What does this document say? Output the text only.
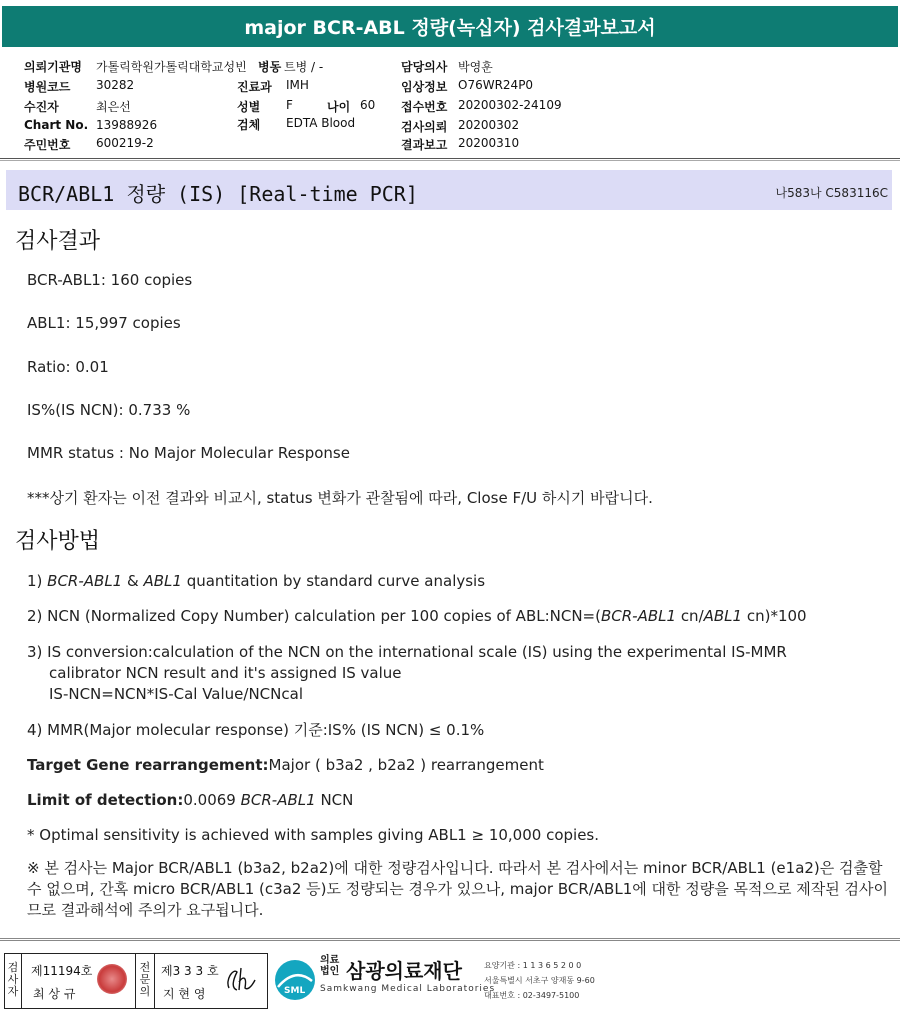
major BCR-ABL 정량(녹십자) 검사결과보고서
의뢰기관명 가톨릭학원가톨릭대학교성빈
병원코드 30282
수진자	최은선
Chart No. 13988926
주민번호 600219-2
병동 트병 / -
진료과 IMH
성별 F	나이 60
검체 EDTA Blood
담당의사 박영훈
임상정보 O76WR24P0
접수번호 20200302-24109
검사의뢰 20200302
결과보고 20200310
BCR/ABL1 정량 (IS) [Real-time PCR]	나583나 C583116C
검사결과
BCR-ABL1: 160 copies
ABL1: 15,997 copies
Ratio: 0.01
IS%(IS NCN): 0.733 %
MMR status : No Major Molecular Response
***상기 환자는 이전 결과와 비교시, status 변화가 관찰됨에 따라, Close F/U 하시기 바랍니다.
검사방법
1) BCR-ABL1 & ABL1 quantitation by standard curve analysis
2) NCN (Normalized Copy Number) calculation per 100 copies of ABL:NCN=(BCR-ABL1 cn/ABL1 cn)*100
3) IS conversion:calculation of the NCN on the international scale (IS) using the experimental IS-MMR
calibrator NCN result and it's assigned IS value
IS-NCN=NCN*IS-Cal Value/NCNcal
4) MMR(Major molecular response) 기준:IS% (IS NCN) ≤ 0.1%
Target Gene rearrangement:Major ( b3a2 , b2a2 ) rearrangement
Limit of detection:0.0069 BCR-ABL1 NCN
* Optimal sensitivity is achieved with samples giving ABL1 ≥ 10,000 copies.
※ 본 검사는 Major BCR/ABL1 (b3a2, b2a2)에 대한 정량검사입니다. 따라서 본 검사에서는 minor BCR/ABL1 (e1a2)은 검출할 수 없으며, 간혹 micro BCR/ABL1 (c3a2 등)도 정량되는 경우가 있으나, major BCR/ABL1에 대한 정량을 목적으로 제작된 검사이므로 결과해석에 주의가 요구됩니다.
검사자
제11194호
최 상 규
전문의
제3 3 3 호
지 현 영	SML
의료법인 삼광의료재단
Samkwang Medical Laboratories
요양기관 : 1 1 3 6 5 2 0 0
서울특별시 서초구 양재동 9-60
대표번호 : 02-3497-5100
